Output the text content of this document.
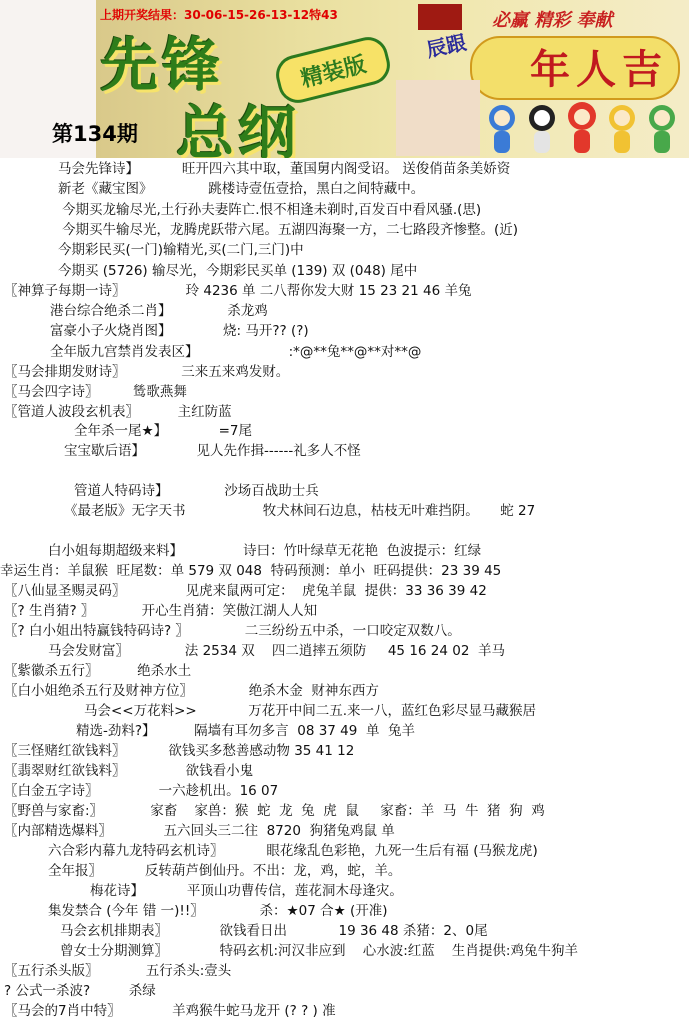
上期开奖结果：30-06-15-26-13-12特43
先锋
总纲
精装版
第134期
必赢 精彩 奉献
辰跟
年人吉
马会先锋诗】          旺开四六其中取，董国舅内阁受诏。 送俊俏苗条美娇资
新老《藏宝图》             跳楼诗壹伍壹拾，黑白之间特藏中。
今期买龙输尽光,土行孙夫妻阵亡.恨不相逢未剃时,百发百中看风骚.(思)
今期买牛输尽光，龙腾虎跃带六尾。五湖四海聚一方，二七路段齐惨整。(近)
今期彩民买(一门)输精光,买(二门,三门)中
今期买 (5726) 输尽光，今期彩民买单 (139) 双 (048) 尾中
〖神算子每期一诗〗              玲 4236 单 二八帮你发大财 15 23 21 46 羊兔
港台综合绝杀二肖】             杀龙鸡
富豪小子火烧肖图】            烧: 马开?? (?)
全年版九宫禁肖发表区】                     :*@**兔**@**对**@
〖马会排期发财诗〗             三来五来鸡发财。
〖马会四字诗〗        鸶歌燕舞
〖管道人波段玄机表〗         主红防蓝
全年杀一尾★】            =7尾
宝宝歇后语】            见人先作揖------礼多人不怪
管道人特码诗】             沙场百战助士兵
《最老版》无字天书                  牧犬林间石边息，枯枝无叶难挡阴。     蛇 27
白小姐每期超级来料】              诗曰：竹叶绿草无花艳  色波提示：红绿
幸运生肖：羊鼠猴  旺尾数：单 579 双 048  特码预测：单小  旺码提供：23 39 45
〖八仙显圣赐灵码〗              见虎来鼠两可定：  虎兔羊鼠  提供：33 36 39 42
〖? 生肖猜? 〗           开心生肖猜：笑傲江湖人人知
〖? 白小姐出特赢钱特码诗? 〗             二三纷纷五中杀，一口咬定双数八。
马会发财富〗             法 2534 双    四二逍摔五须防     45 16 24 02  羊马
〖紫徽杀五行〗         绝杀水土
〖白小姐绝杀五行及财神方位〗             绝杀木金  财神东西方
马会<<万花料>>            万花开中间二五.来一八，蓝红色彩尽显马藏猴居
精选-劲料?】         隔墙有耳勿多言  08 37 49  单  兔羊
〖三怪赌红欲钱料〗          欲钱买多愁善感动物 35 41 12
〖翡翠财红欲钱料〗              欲钱看小鬼
〖白金五字诗〗              一六趁机出。16 07
〖野兽与家畜:〗           家畜    家兽：猴  蛇  龙  兔  虎  鼠     家畜：羊  马  牛  猪  狗  鸡
〖内部精选爆料〗            五六回头三二往  8720  狗猪兔鸡鼠 单
六合彩内幕九龙特码玄机诗〗          眼花缘乱色彩艳，九死一生后有福 (马猴龙虎)
全年报〗          反转葫芦倒仙丹。不出：龙，鸡，蛇，羊。
梅花诗】          平顶山功曹传信，莲花洞木母逢灾。
集发禁合 (今年 错 一)!!〗             杀：★07 合★ (开准)
马会玄机排期表〗            欲钱看日出            19 36 48 杀猪：2、0尾
曾女士分期测算〗            特码玄机:河汉非应到    心水波:红蓝    生肖提供:鸡兔牛狗羊
〖五行杀头版〗           五行杀头:壹头
? 公式一杀波?         杀绿
〖马会的7肖中特〗            羊鸡猴牛蛇马龙开 (? ? ) 准
